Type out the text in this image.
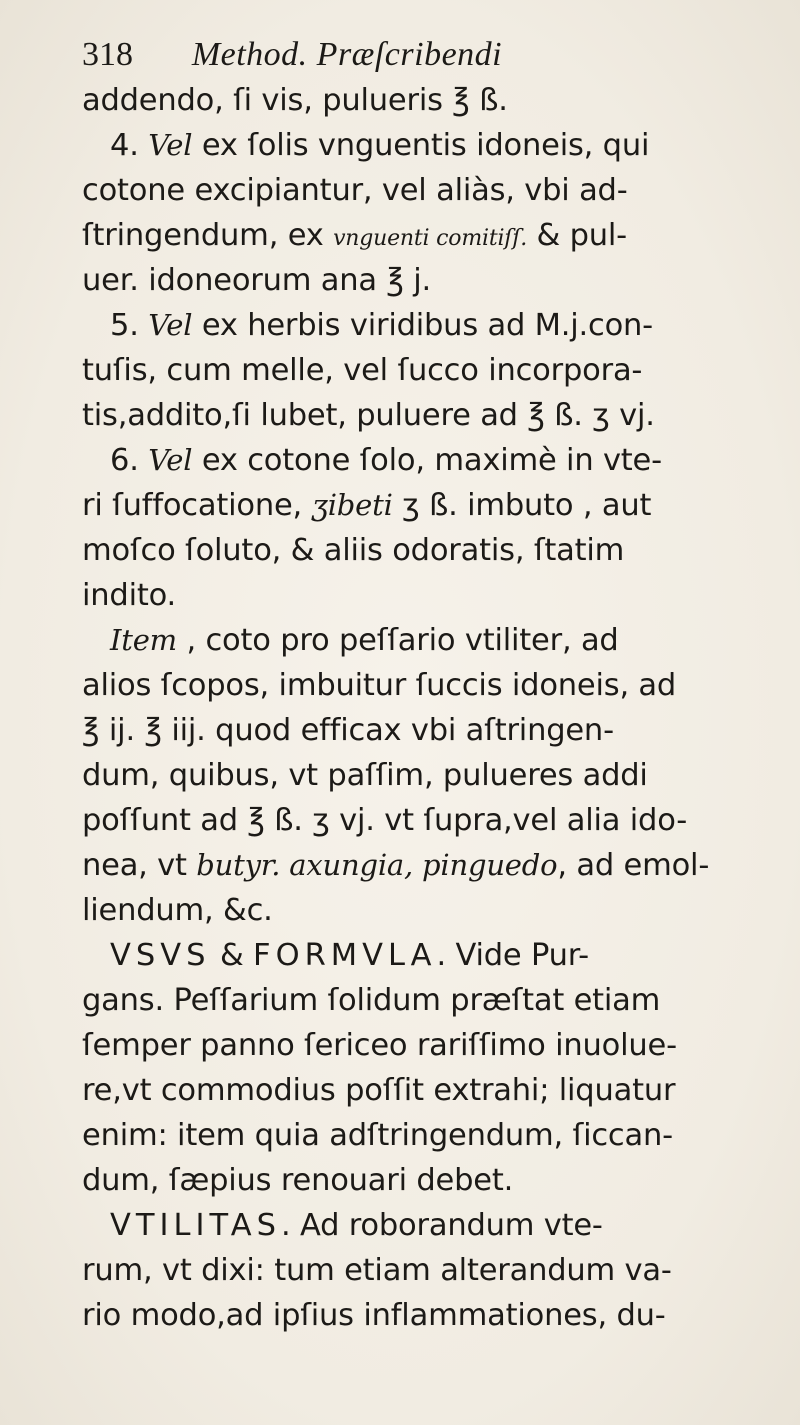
318 Method. Præſcribendi
addendo, ſi vis, pulueris ℥ ß.
4. Vel ex ſolis vnguentis idoneis, qui
cotone excipiantur, vel aliàs, vbi ad-
ſtringendum, ex vnguenti comitiſſ. & pul-
uer. idoneorum ana ℥ j.
5. Vel ex herbis viridibus ad M.j.con-
tuſis, cum melle, vel ſucco incorpora-
tis,addito,ſi lubet, puluere ad ℥ ß. ʒ vj.
6. Vel ex cotone ſolo, maximè in vte-
ri ſuffocatione, ʒibeti ʒ ß. imbuto , aut
moſco ſoluto, & aliis odoratis, ſtatim
indito.
Item , coto pro peſſario vtiliter, ad
alios ſcopos, imbuitur ſuccis idoneis, ad
℥ ij. ℥ iij. quod efficax vbi aſtringen-
dum, quibus, vt paſſim, pulueres addi
poſſunt ad ℥ ß. ʒ vj. vt ſupra,vel alia ido-
nea, vt butyr. axungia, pinguedo, ad emol-
liendum, &c.
VSVS & FORMVLA. Vide Pur-
gans. Peſſarium ſolidum præſtat etiam
ſemper panno ſericeo rariſſimo inuolue-
re,vt commodius poſſit extrahi; liquatur
enim: item quia adſtringendum, ſiccan-
dum, ſæpius renouari debet.
VTILITAS. Ad roborandum vte-
rum, vt dixi: tum etiam alterandum va-
rio modo,ad ipſius inflammationes, du-
